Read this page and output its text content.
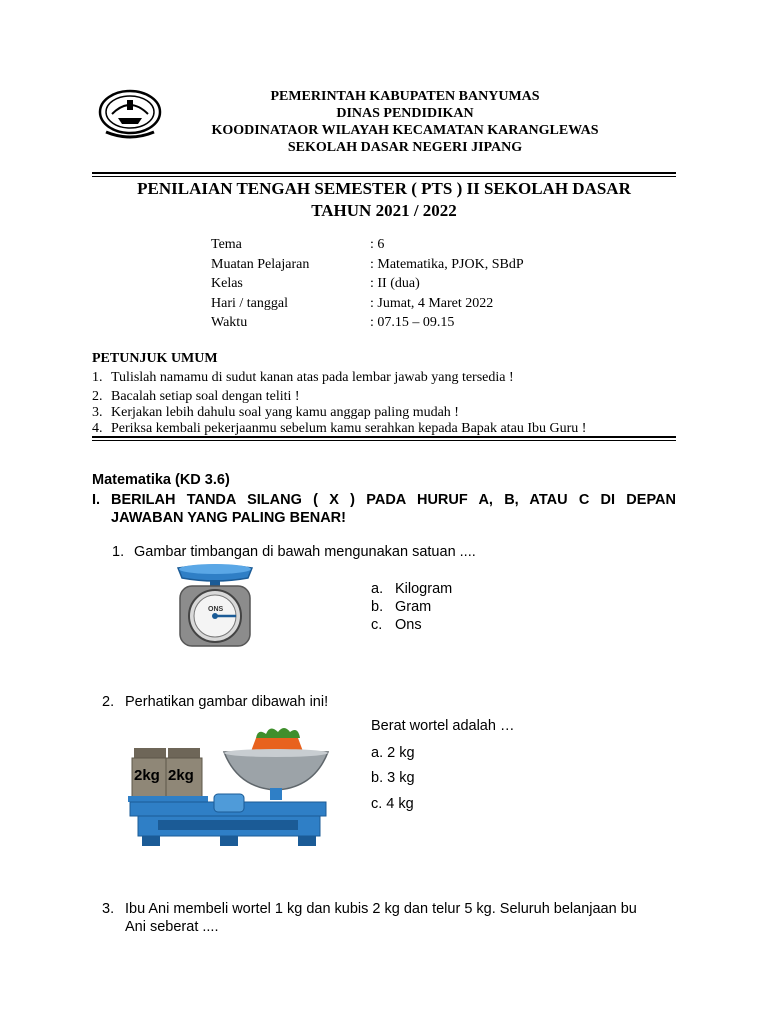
PEMERINTAH KABUPATEN BANYUMAS
DINAS PENDIDIKAN
KOODINATAOR WILAYAH KECAMATAN KARANGLEWAS
SEKOLAH DASAR NEGERI JIPANG
PENILAIAN TENGAH SEMESTER ( PTS ) II SEKOLAH DASAR
TAHUN 2021 / 2022
Tema	: 6
Muatan Pelajaran	: Matematika, PJOK, SBdP
Kelas	: II (dua)
Hari / tanggal	: Jumat, 4 Maret 2022
Waktu	: 07.15 – 09.15
PETUNJUK UMUM
1. Tulislah namamu di sudut kanan atas pada lembar jawab yang tersedia !
2. Bacalah setiap soal dengan teliti !
3. Kerjakan lebih dahulu soal yang kamu anggap paling mudah !
4. Periksa kembali pekerjaanmu sebelum kamu serahkan kepada Bapak atau Ibu Guru !
Matematika (KD 3.6)
I. BERILAH TANDA SILANG ( X ) PADA HURUF A, B, ATAU C DI DEPAN
JAWABAN YANG PALING BENAR!
1. Gambar timbangan di bawah mengunakan satuan ....
ONS
a. Kilogram
b. Gram
c. Ons
2. Perhatikan gambar dibawah ini!
2kg 2kg
Berat wortel adalah …
a. 2 kg
b. 3 kg
c. 4 kg
3. Ibu Ani membeli wortel 1 kg dan kubis 2 kg dan telur 5 kg. Seluruh belanjaan bu
Ani seberat ....
